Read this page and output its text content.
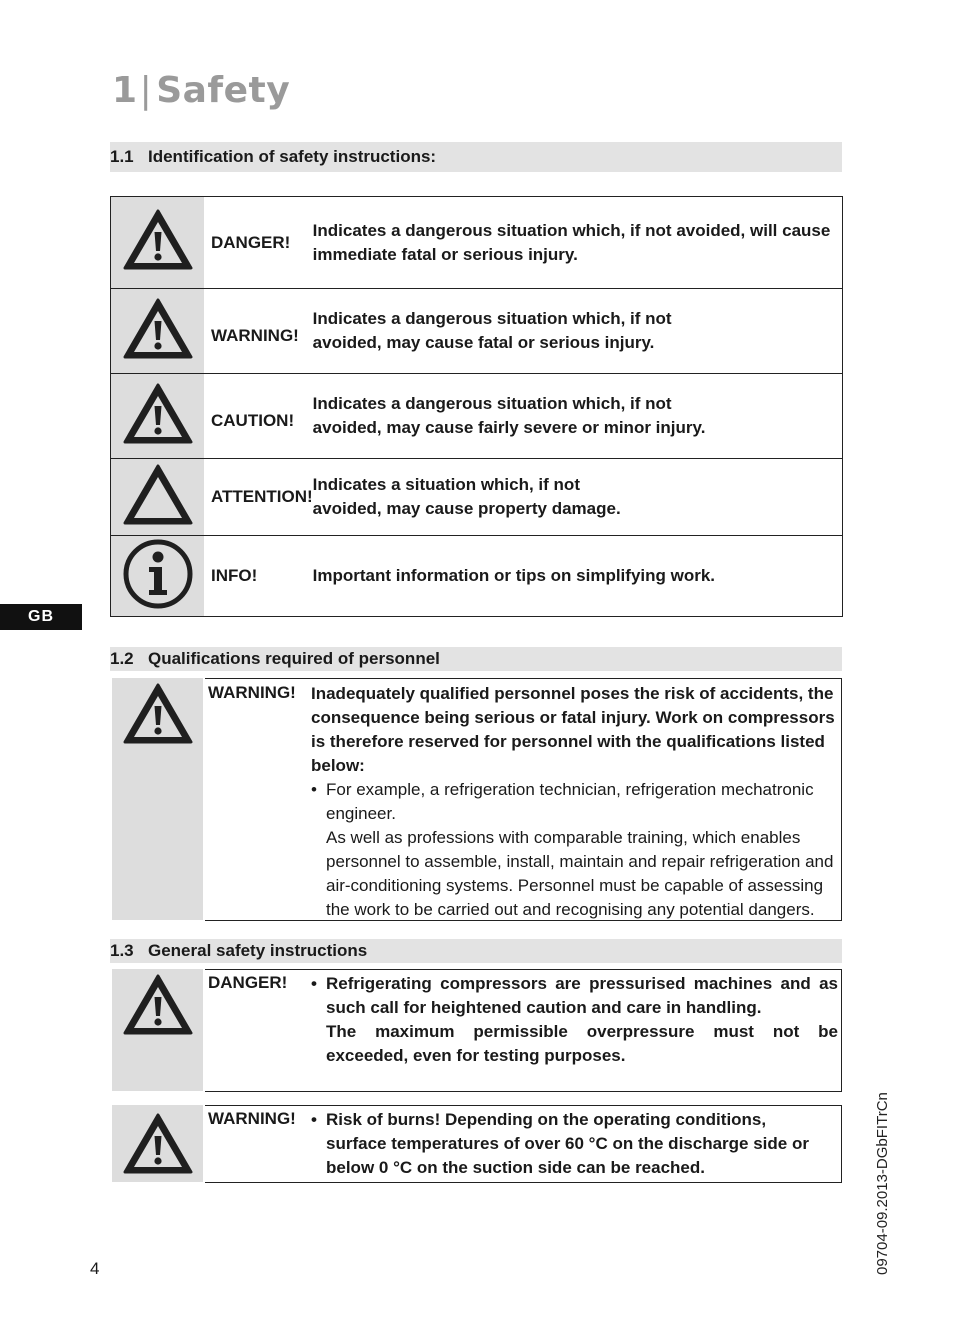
1| Safety
1.1 Identification of safety instructions:
	DANGER!	Indicates a dangerous situation which, if not avoided, will cause immediate fatal or serious injury.
	WARNING!	Indicates a dangerous situation which, if not
avoided, may cause fatal or serious injury.

	CAUTION!	Indicates a dangerous situation which, if not
avoided, may cause fairly severe or minor injury.

	ATTENTION!	Indicates a situation which, if not
avoided, may cause property damage.

	INFO!	Important information or tips on simplifying work.
GB
1.2 Qualifications required of personnel
WARNING! Inadequately qualified personnel poses the risk of accidents, the consequence being serious or fatal injury. Work on compressors is therefore reserved for personnel with the qualifications listed below:
• For example, a refrigeration technician, refrigeration mechatronic engineer.
As well as professions with comparable training, which enables personnel to assemble, install, maintain and repair refrigeration and air-conditioning systems. Personnel must be capable of assessing the work to be carried out and recognising any potential dangers.
1.3 General safety instructions
DANGER! • Refrigerating compressors are pressurised machines and as such call for heightened caution and care in handling.
The maximum permissible overpressure must not be exceeded, even for testing purposes.
WARNING! • Risk of burns! Depending on the operating conditions, surface temperatures of over 60 °C on the discharge side or below 0 °C on the suction side can be reached.
4	09704-09.2013-DGbFITrCn
